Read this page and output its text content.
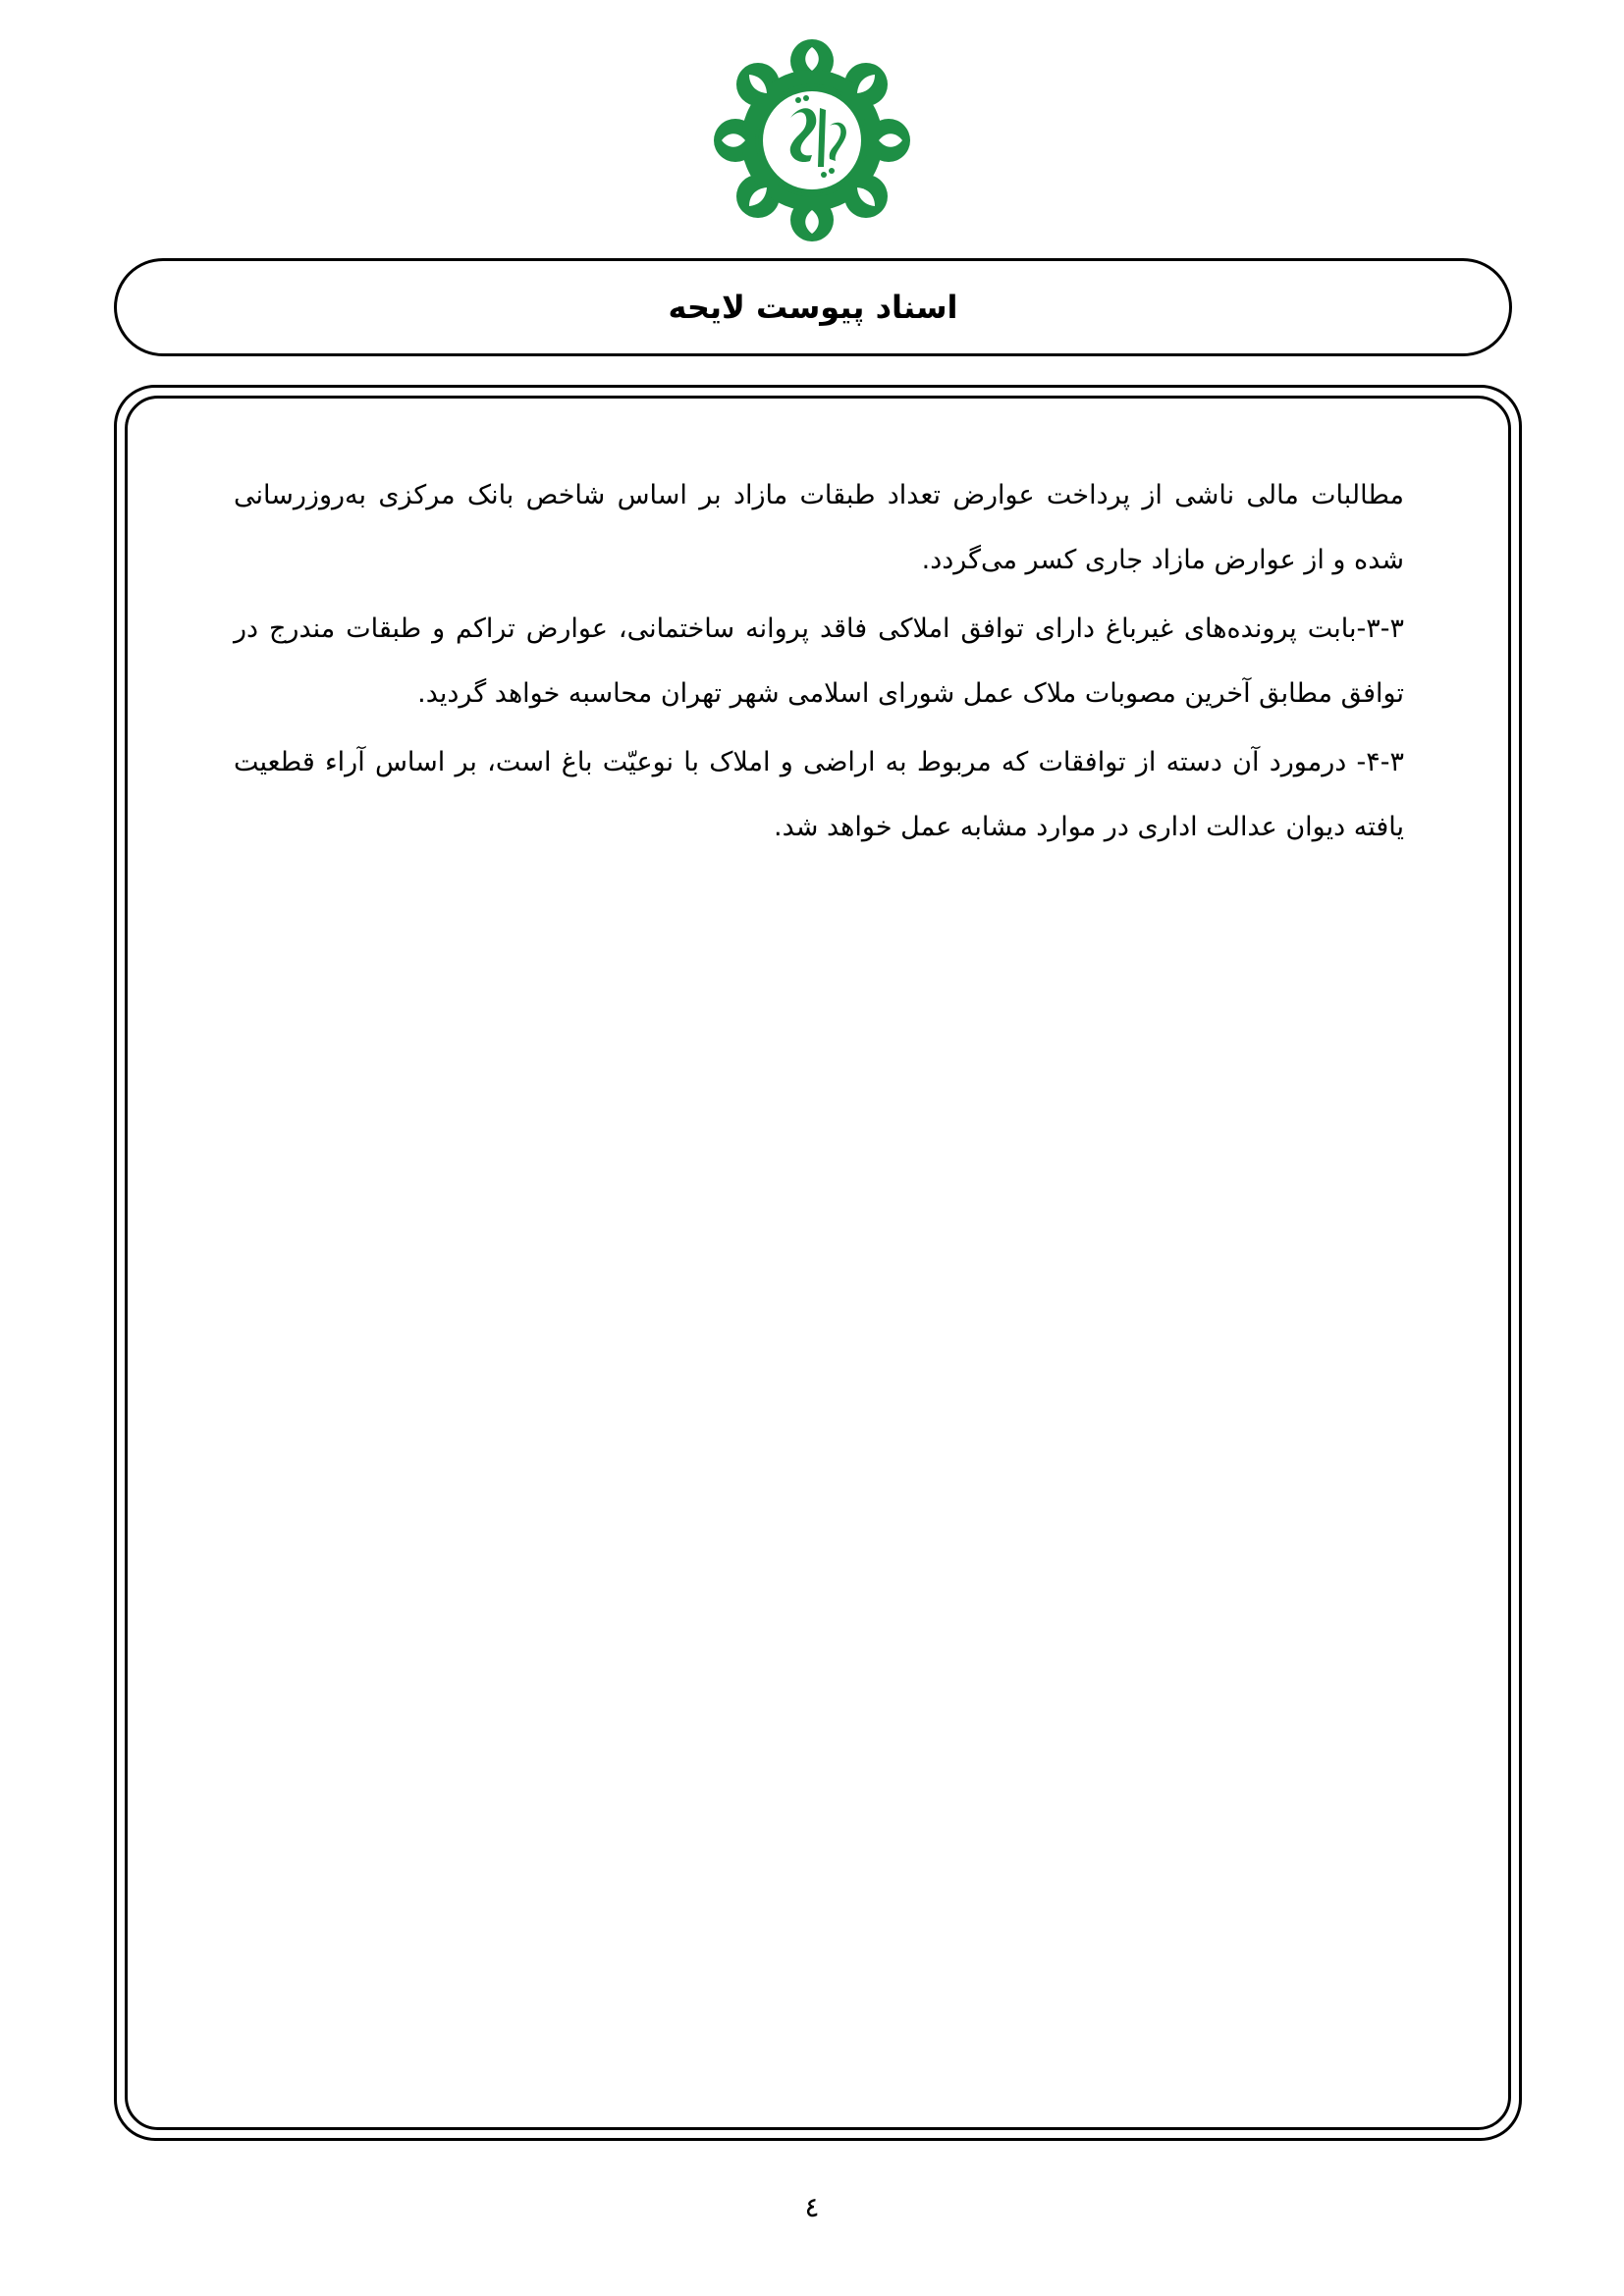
اسناد پیوست لایحه

مطالبات مالی ناشی از پرداخت عوارض تعداد طبقات مازاد بر اساس شاخص بانک مرکزی به‌روزرسانی شده و از عوارض مازاد جاری کسر می‌گردد.

۳-۳-بابت پرونده‌های غیرباغ دارای توافق املاکی فاقد پروانه ساختمانی، عوارض تراکم و طبقات مندرج در توافق مطابق آخرین مصوبات ملاک عمل شورای اسلامی شهر تهران محاسبه خواهد گردید.

۴-۳- درمورد آن دسته از توافقات که مربوط به اراضی و املاک با نوعیّت باغ است، بر اساس آراء قطعیت یافته دیوان عدالت اداری در موارد مشابه عمل خواهد شد.

٤
